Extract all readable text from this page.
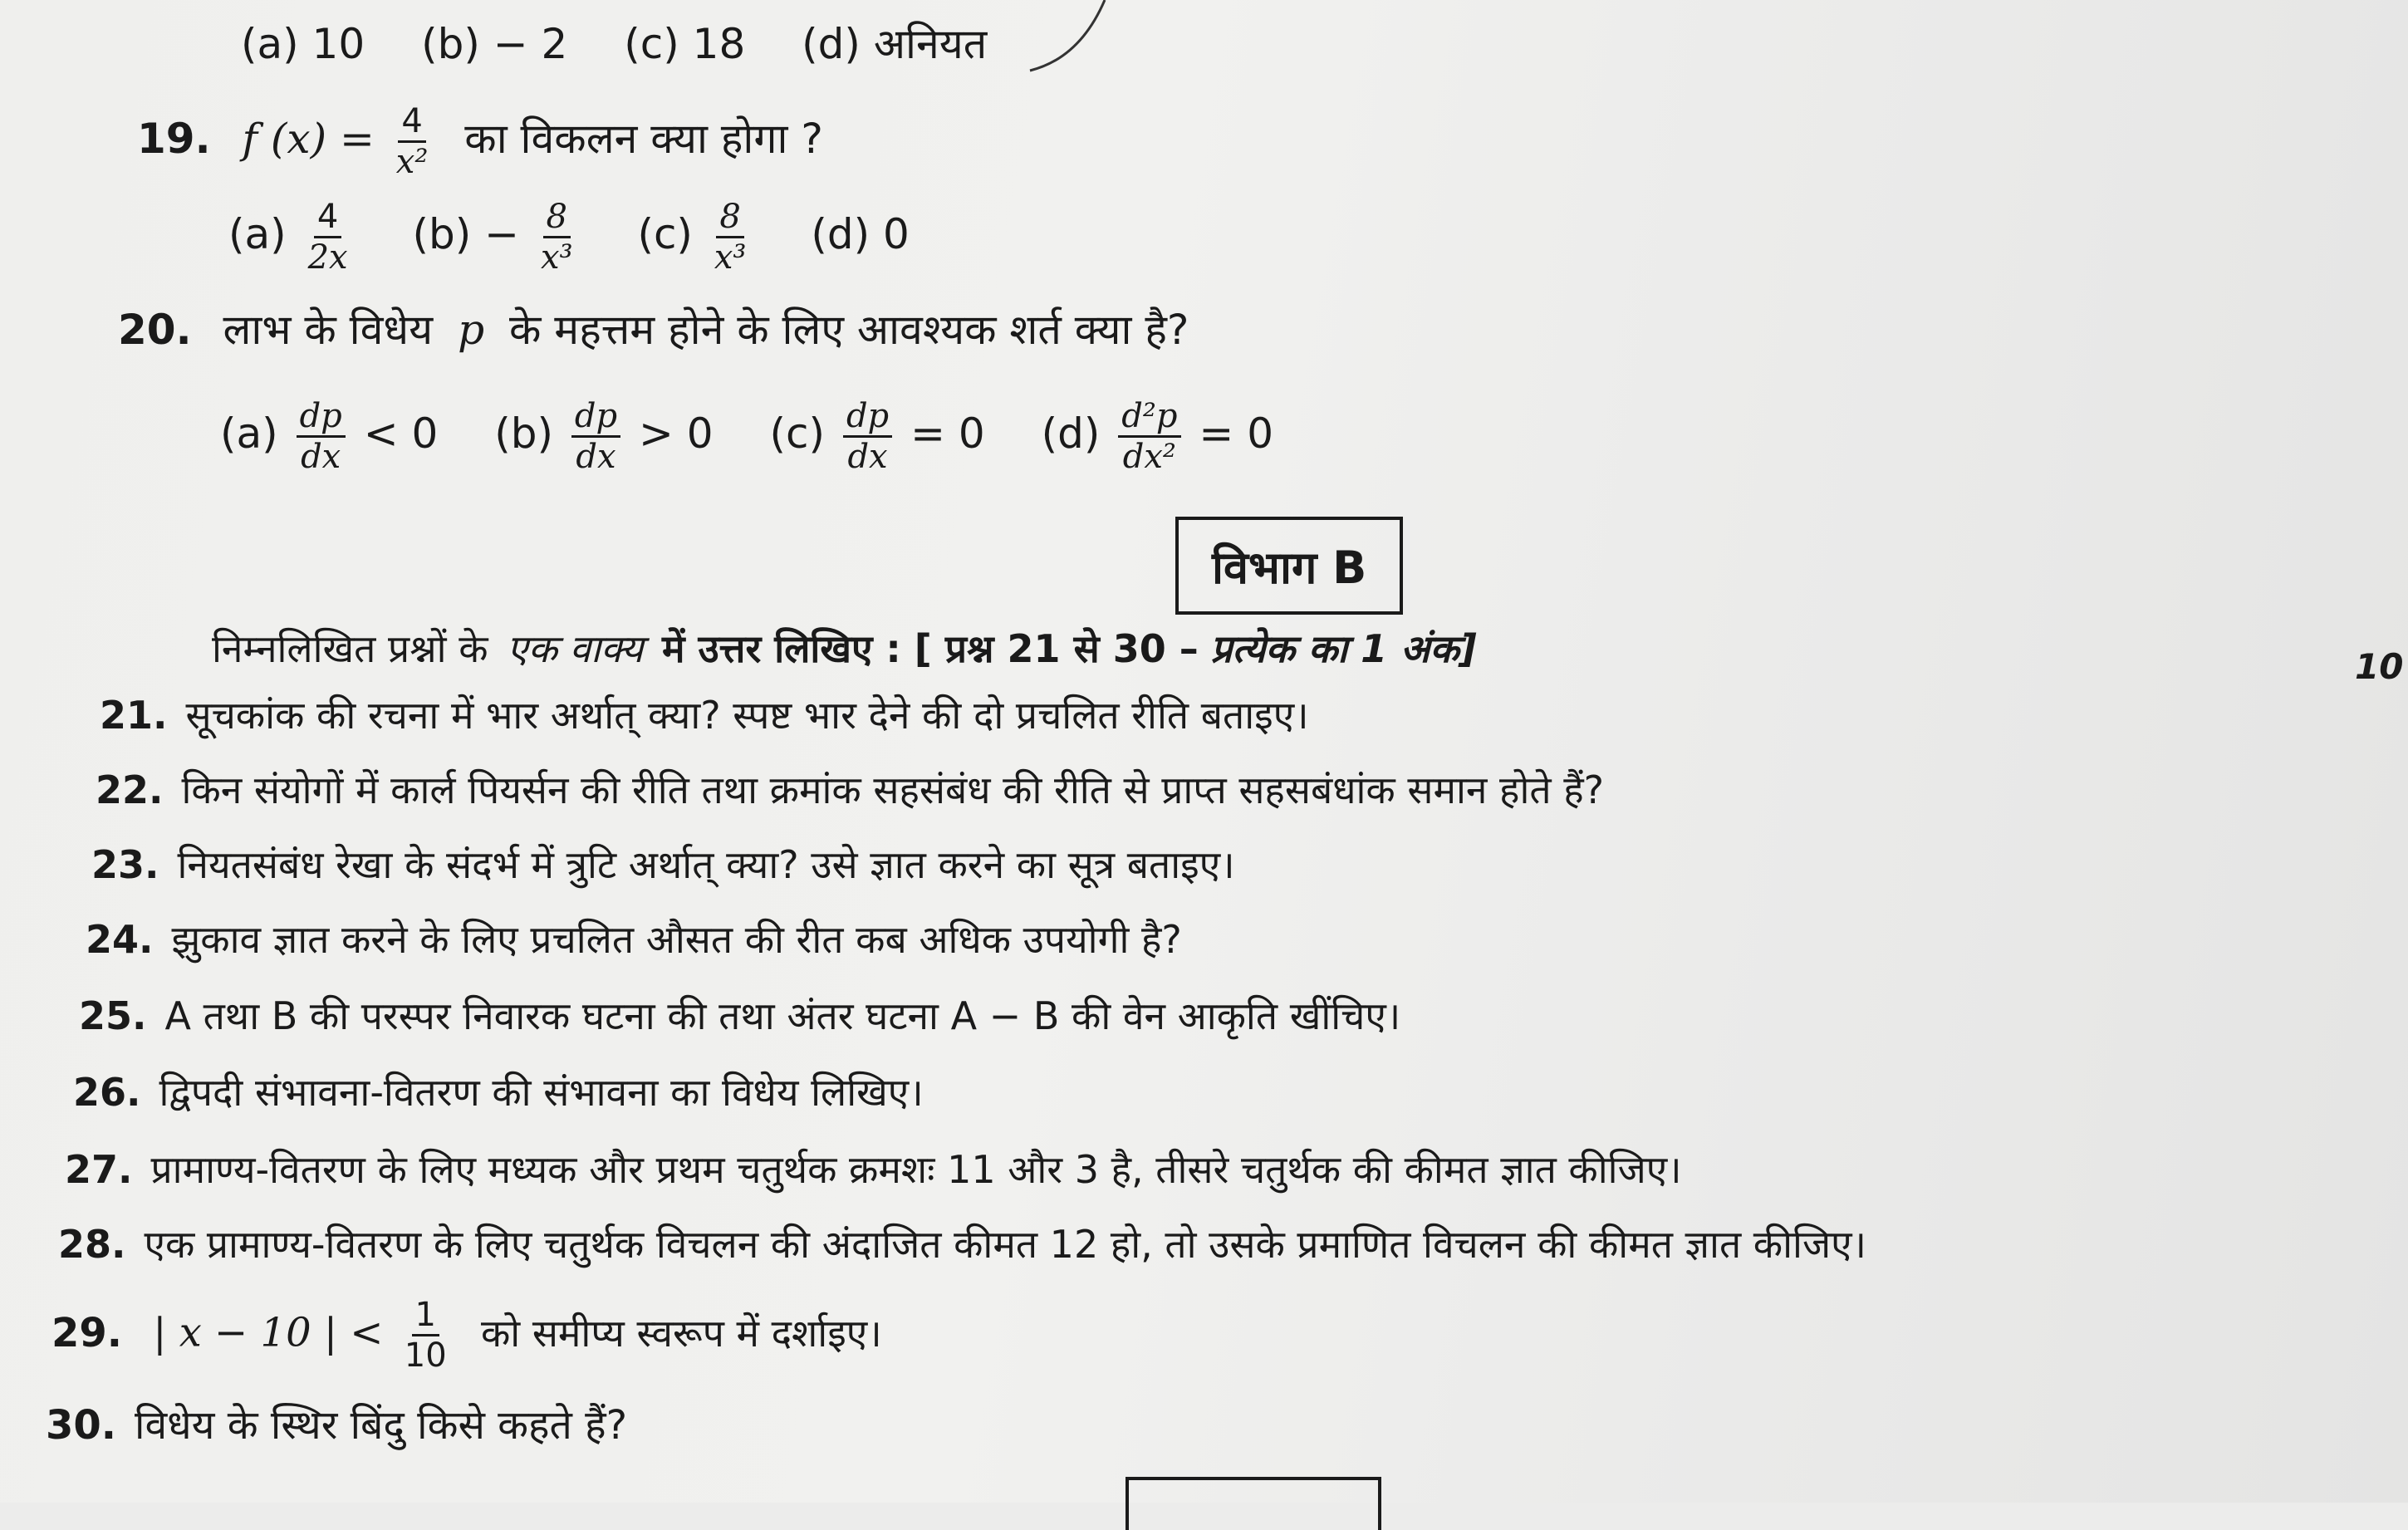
(a) 10 (b) − 2 (c) 18 (d) अनियत
19. f $(x) = \frac{4}{\text{x²}}$ का विकलन क्या होगा ?
$(a) \frac{4}{2x} (b) - \frac{8}{\text{x³}} (c) \frac{8}{\text{x³}} (d)$ 0
20. लाभ के विधेय p के महत्तम होने के लिए आवश्यक शर्त क्या है?
$(a) \frac{dp}{dx} < 0$ $(b) \frac{dp}{dx} > 0$ $(c) \frac{dp}{dx} = 0$ $(d) \frac{\text{d²p}}{\text{dx²}} = 0$
विभाग B
निम्नलिखित प्रश्नों के एक वाक्य में उत्तर लिखिए : [ प्रश्न 21 से 30 – प्रत्येक का 1 अंक]	10
21. सूचकांक की रचना में भार अर्थात् क्या? स्पष्ट भार देने की दो प्रचलित रीति बताइए।
22. किन संयोगों में कार्ल पियर्सन की रीति तथा क्रमांक सहसंबंध की रीति से प्राप्त सहसबंधांक समान होते हैं?
23. नियतसंबंध रेखा के संदर्भ में त्रुटि अर्थात् क्या? उसे ज्ञात करने का सूत्र बताइए।
24. झुकाव ज्ञात करने के लिए प्रचलित औसत की रीत कब अधिक उपयोगी है?
25. A तथा B की परस्पर निवारक घटना की तथा अंतर घटना A − B की वेन आकृति खींचिए।
26. द्विपदी संभावना-वितरण की संभावना का विधेय लिखिए।
27. प्रामाण्य-वितरण के लिए मध्यक और प्रथम चतुर्थक क्रमशः 11 और 3 है, तीसरे चतुर्थक की कीमत ज्ञात कीजिए।
28. एक प्रामाण्य-वितरण के लिए चतुर्थक विचलन की अंदाजित कीमत 12 हो, तो उसके प्रमाणित विचलन की कीमत ज्ञात कीजिए।
29. | x − 10 | < $\frac{1}{10}$ को समीप्य स्वरूप में दर्शाइए।
30. विधेय के स्थिर बिंदु किसे कहते हैं?
